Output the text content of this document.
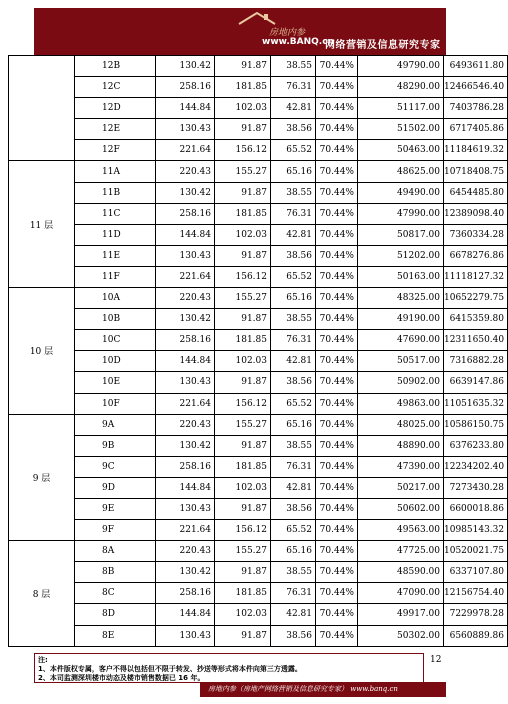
房地内参
www.BANQ.cn
网络营销及信息研究专家
	12B	130.42	91.87	38.55	70.44%	49790.00	6493611.80
	12C	258.16	181.85	76.31	70.44%	48290.00	12466546.40
	12D	144.84	102.03	42.81	70.44%	51117.00	7403786.28
	12E	130.43	91.87	38.56	70.44%	51502.00	6717405.86
	12F	221.64	156.12	65.52	70.44%	50463.00	11184619.32
11 层	11A	220.43	155.27	65.16	70.44%	48625.00	10718408.75
	11B	130.42	91.87	38.55	70.44%	49490.00	6454485.80
	11C	258.16	181.85	76.31	70.44%	47990.00	12389098.40
	11D	144.84	102.03	42.81	70.44%	50817.00	7360334.28
	11E	130.43	91.87	38.56	70.44%	51202.00	6678276.86
	11F	221.64	156.12	65.52	70.44%	50163.00	11118127.32
10 层	10A	220.43	155.27	65.16	70.44%	48325.00	10652279.75
	10B	130.42	91.87	38.55	70.44%	49190.00	6415359.80
	10C	258.16	181.85	76.31	70.44%	47690.00	12311650.40
	10D	144.84	102.03	42.81	70.44%	50517.00	7316882.28
	10E	130.43	91.87	38.56	70.44%	50902.00	6639147.86
	10F	221.64	156.12	65.52	70.44%	49863.00	11051635.32
9 层	9A	220.43	155.27	65.16	70.44%	48025.00	10586150.75
	9B	130.42	91.87	38.55	70.44%	48890.00	6376233.80
	9C	258.16	181.85	76.31	70.44%	47390.00	12234202.40
	9D	144.84	102.03	42.81	70.44%	50217.00	7273430.28
	9E	130.43	91.87	38.56	70.44%	50602.00	6600018.86
	9F	221.64	156.12	65.52	70.44%	49563.00	10985143.32
8 层	8A	220.43	155.27	65.16	70.44%	47725.00	10520021.75
	8B	130.42	91.87	38.55	70.44%	48590.00	6337107.80
	8C	258.16	181.85	76.31	70.44%	47090.00	12156754.40
	8D	144.84	102.03	42.81	70.44%	49917.00	7229978.28
	8E	130.43	91.87	38.56	70.44%	50302.00	6560889.86
注:
1、本件版权专属，客户不得以包括但不限于转发、抄送等形式将本件向第三方透露。
2、本司监测深圳楼市动态及楼市销售数据已 16 年。
12
房地内参（房地产网络营销及信息研究专家） www.banq.cn
